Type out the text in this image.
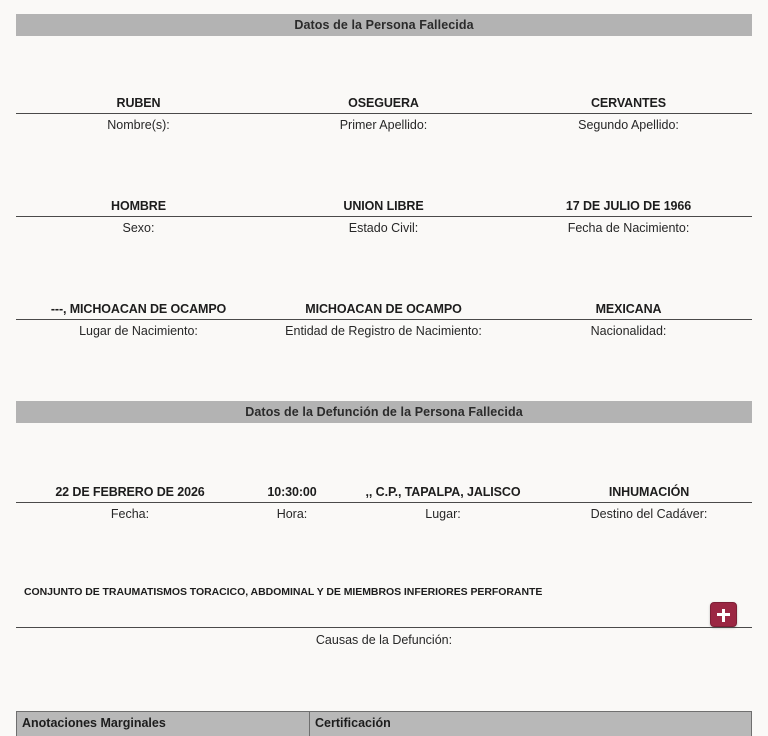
Datos de la Persona Fallecida
RUBEN
Nombre(s):
OSEGUERA
Primer Apellido:
CERVANTES
Segundo Apellido:
HOMBRE
Sexo:
UNION LIBRE
Estado Civil:
17 DE JULIO DE 1966
Fecha de Nacimiento:
---, MICHOACAN DE OCAMPO
Lugar de Nacimiento:
MICHOACAN DE OCAMPO
Entidad de Registro de Nacimiento:
MEXICANA
Nacionalidad:
Datos de la Defunción de la Persona Fallecida
22 DE FEBRERO DE 2026
Fecha:
10:30:00
Hora:
,, C.P., TAPALPA, JALISCO
Lugar:
INHUMACIÓN
Destino del Cadáver:
CONJUNTO DE TRAUMATISMOS TORACICO, ABDOMINAL Y DE MIEMBROS INFERIORES PERFORANTE
Causas de la Defunción:
Anotaciones Marginales	Certificación
